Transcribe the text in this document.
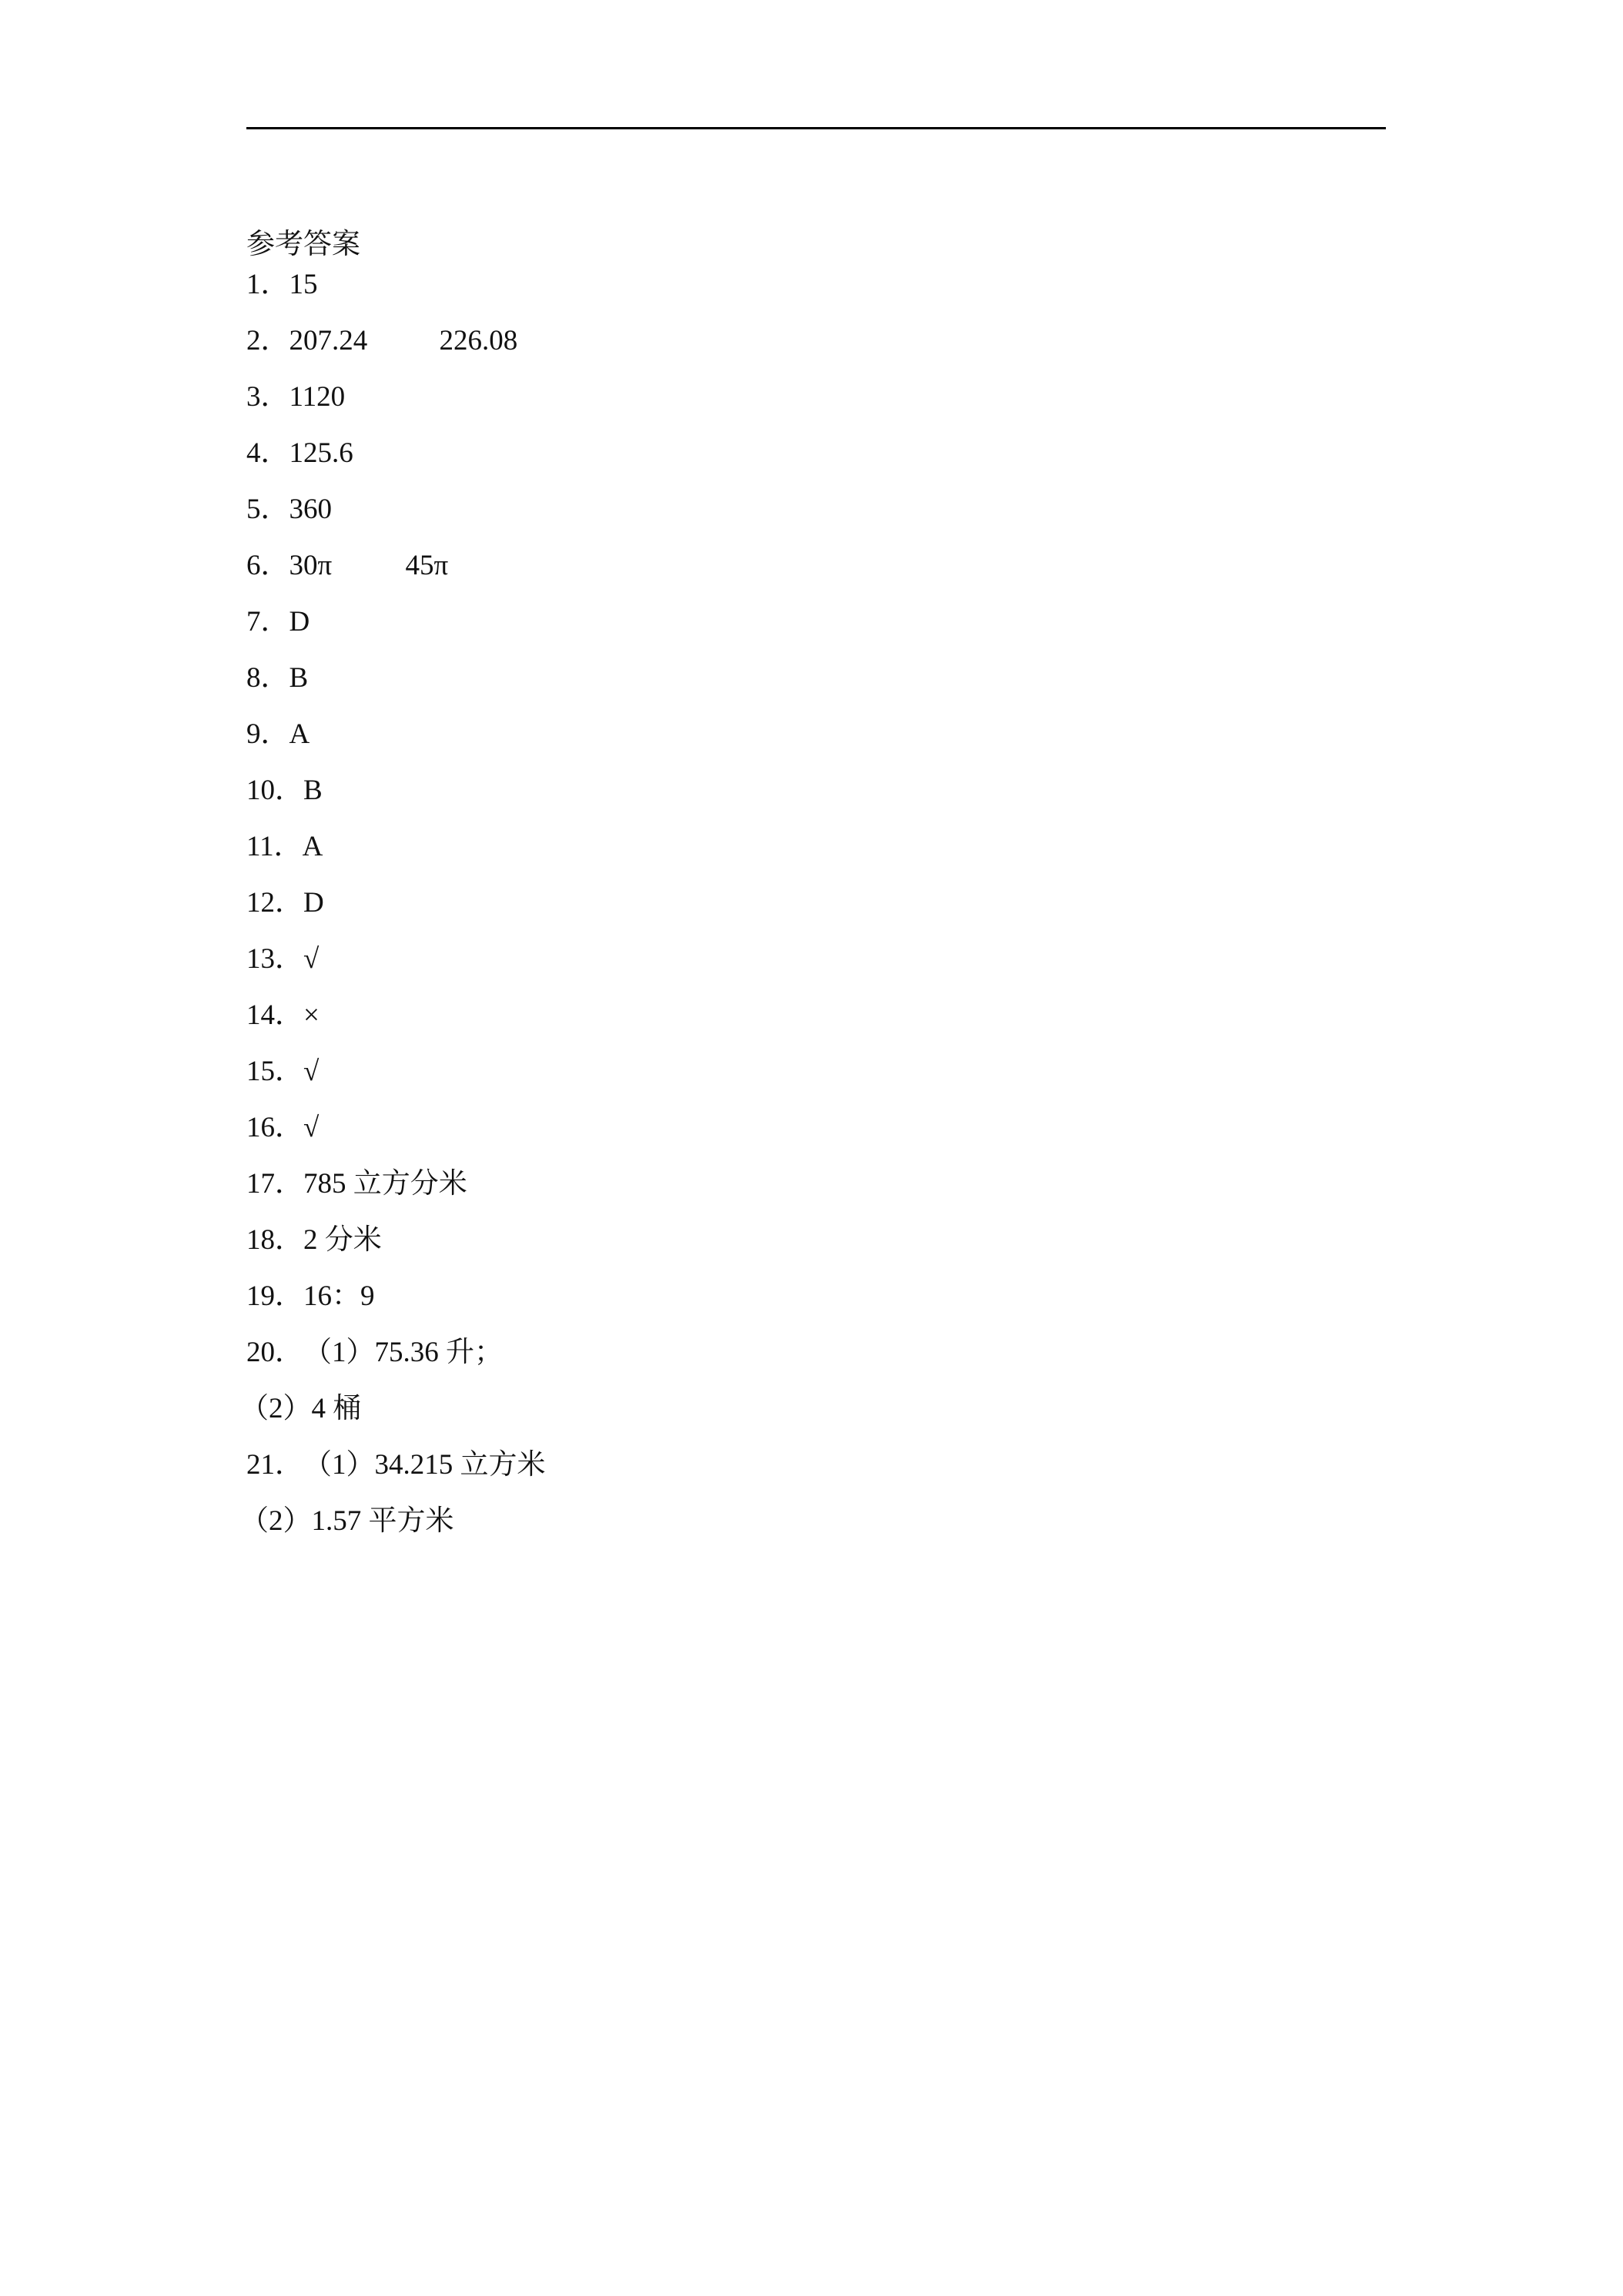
参考答案
1． 15
2． 207.24	226.08
3． 1120
4． 125.6
5． 360
6． 30π	45π
7． D
8． B
9． A
10． B
11． A
12． D
13． √
14． ×
15． √
16． √
17． 785 立方分米
18． 2 分米
19． 16：9
20． （1）75.36 升；
（2）4 桶
21． （1）34.215 立方米
（2）1.57 平方米
